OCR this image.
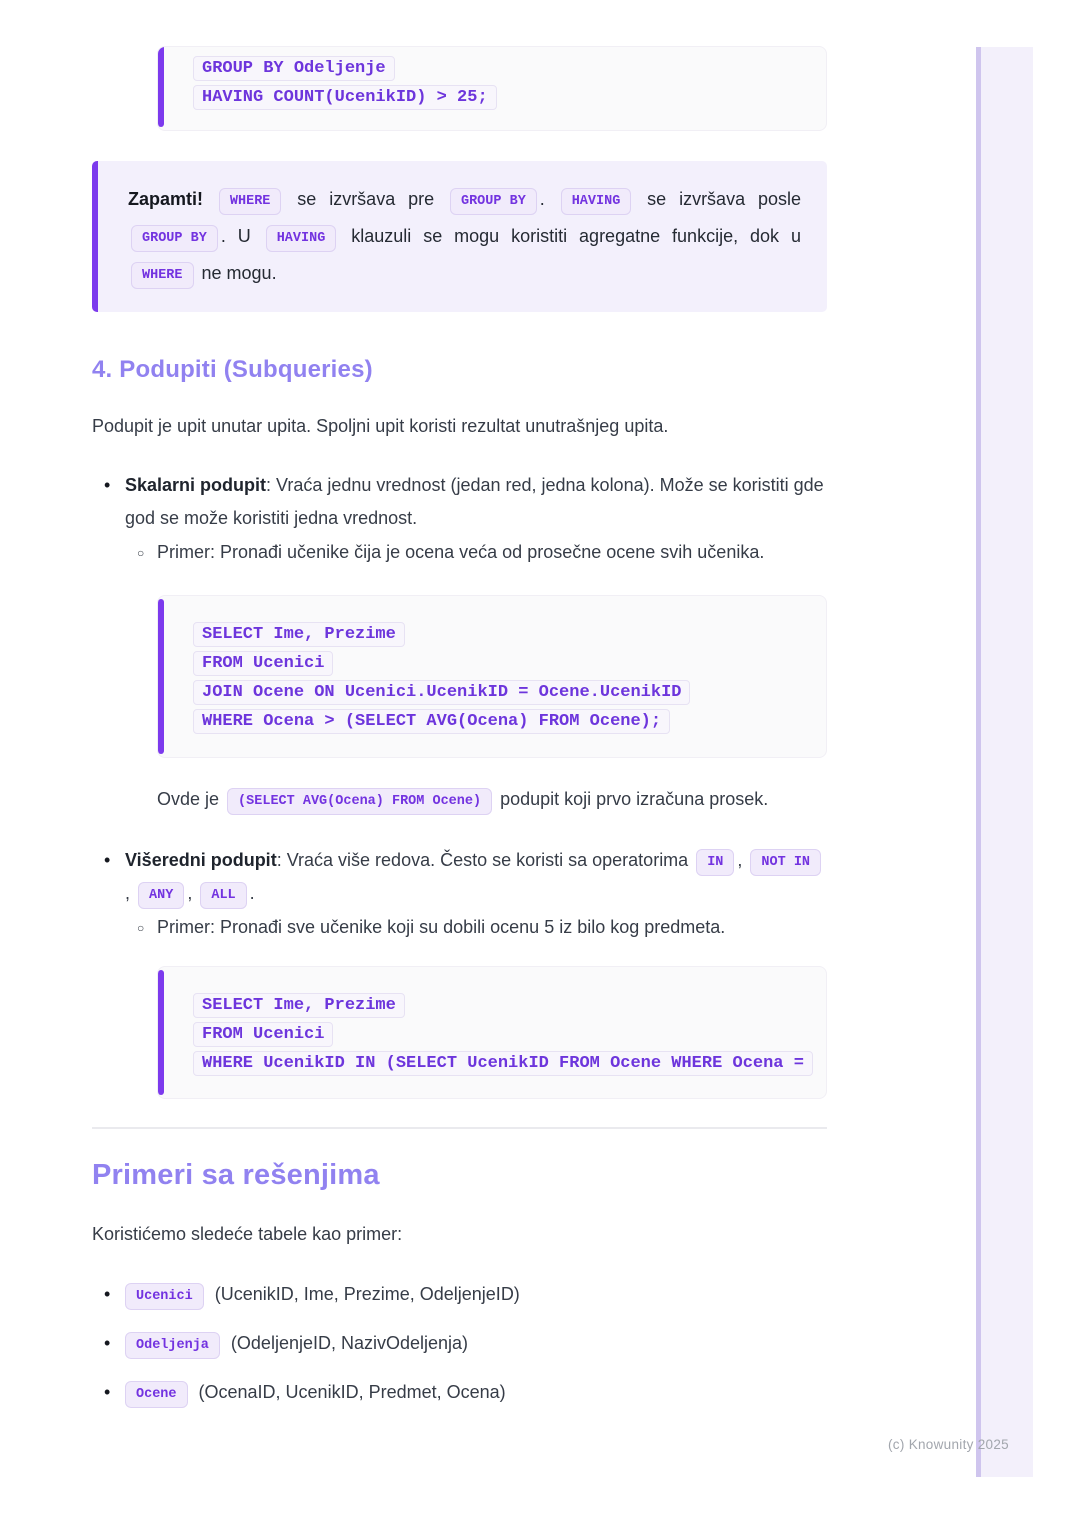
GROUP BY Odeljenje
HAVING COUNT(UcenikID) > 25;
Zapamti! WHERE se izvršava pre GROUP BY . HAVING se izvršava posle GROUP BY . U HAVING klauzuli se mogu koristiti agregatne funkcije, dok u WHERE ne mogu.
4. Podupiti (Subqueries)

Podupit je upit unutar upita. Spoljni upit koristi rezultat unutrašnjeg upita.

• Skalarni podupit: Vraća jednu vrednost (jedan red, jedna kolona). Može se koristiti gde god se može koristiti jedna vrednost.
○ Primer: Pronađi učenike čija je ocena veća od prosečne ocene svih učenika.
SELECT Ime, Prezime
FROM Ucenici
JOIN Ocene ON Ucenici.UcenikID = Ocene.UcenikID
WHERE Ocena > (SELECT AVG(Ocena) FROM Ocene);

Ovde je (SELECT AVG(Ocena) FROM Ocene) podupit koji prvo izračuna prosek.

• Višeredni podupit: Vraća više redova. Često se koristi sa operatorima IN , NOT IN, ANY , ALL .
○ Primer: Pronađi sve učenike koji su dobili ocenu 5 iz bilo kog predmeta.
SELECT Ime, Prezime
FROM Ucenici
WHERE UcenikID IN (SELECT UcenikID FROM Ocene WHERE Ocena =
Primeri sa rešenjima

Koristićemo sledeće tabele kao primer:

• Ucenici (UcenikID, Ime, Prezime, OdeljenjeID)
• Odeljenja (OdeljenjeID, NazivOdeljenja)
• Ocene (OcenaID, UcenikID, Predmet, Ocena)
(c) Knowunity 2025
